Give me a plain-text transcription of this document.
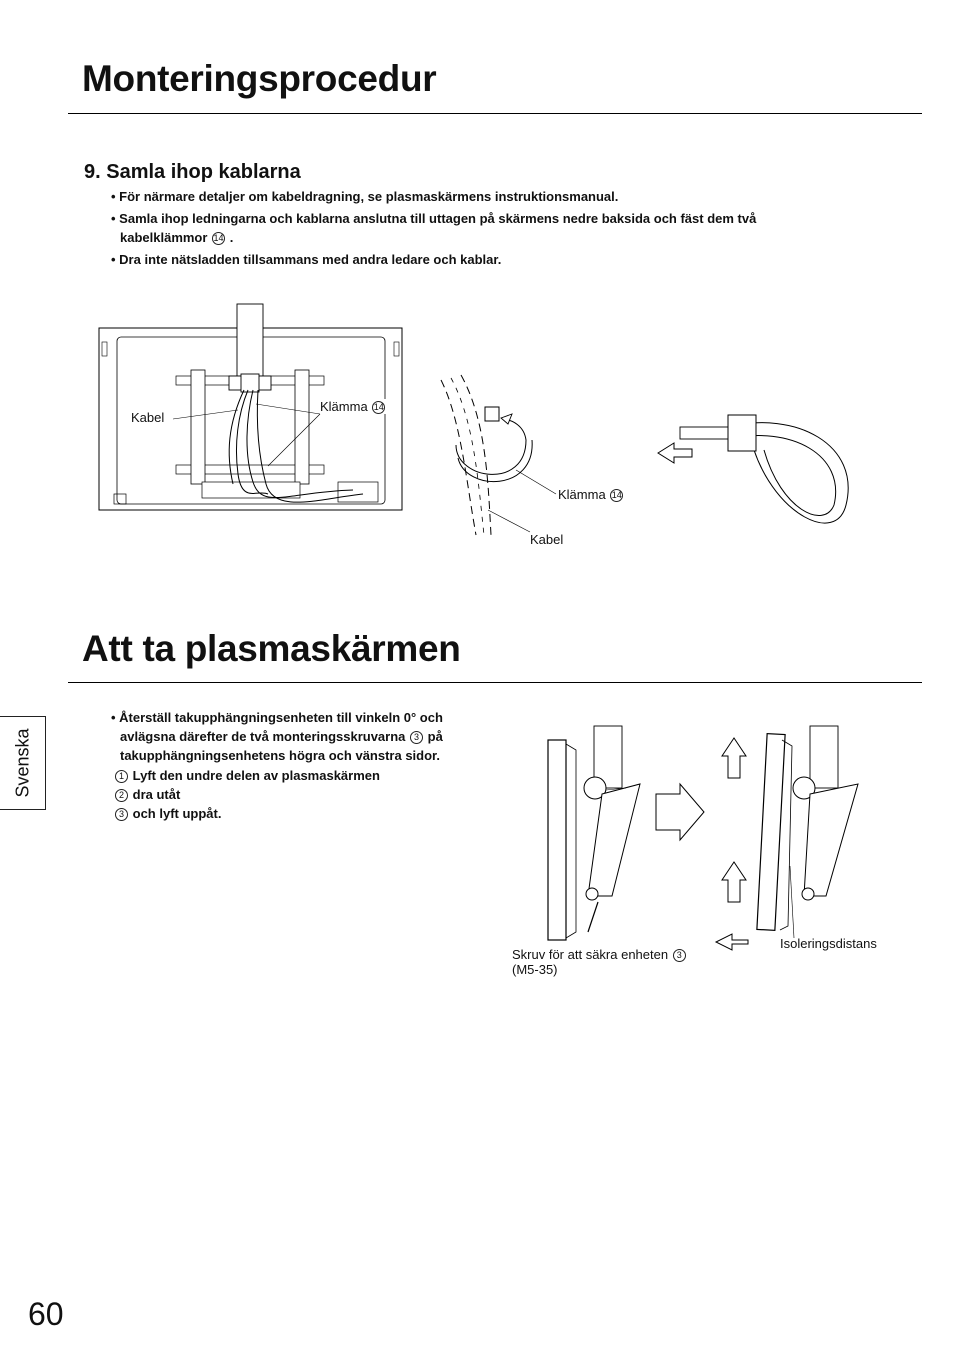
Monteringsprocedur
9. Samla ihop kablarna
• För närmare detaljer om kabeldragning, se plasmaskärmens instruktionsmanual.
• Samla ihop ledningarna och kablarna anslutna till uttagen på skärmens nedre baksida och fäst dem två
kabelklämmor 14 .
• Dra inte nätsladden tillsammans med andra ledare och kablar.
Kabel
Klämma 14
Klämma 14
Kabel
Att ta plasmaskärmen
Svenska
• Återställ takupphängningsenheten till vinkeln 0° och
avlägsna därefter de två monteringsskruvarna 3 på
takupphängningsenhetens högra och vänstra sidor.
1 Lyft den undre delen av plasmaskärmen
2 dra utåt
3 och lyft uppåt.
Skruv för att säkra enheten 3
(M5-35)
Isoleringsdistans
60
